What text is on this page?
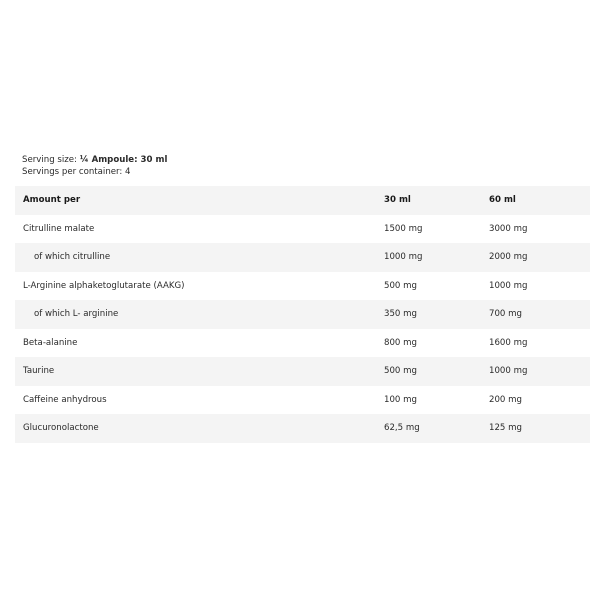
Serving size: ¼ Ampoule: 30 ml
Servings per container: 4
Amount per	30 ml	60 ml
Citrulline malate	1500 mg	3000 mg
of which citrulline	1000 mg	2000 mg
L-Arginine alphaketoglutarate (AAKG)	500 mg	1000 mg
of which L- arginine	350 mg	700 mg
Beta-alanine	800 mg	1600 mg
Taurine	500 mg	1000 mg
Caffeine anhydrous	100 mg	200 mg
Glucuronolactone	62,5 mg	125 mg
